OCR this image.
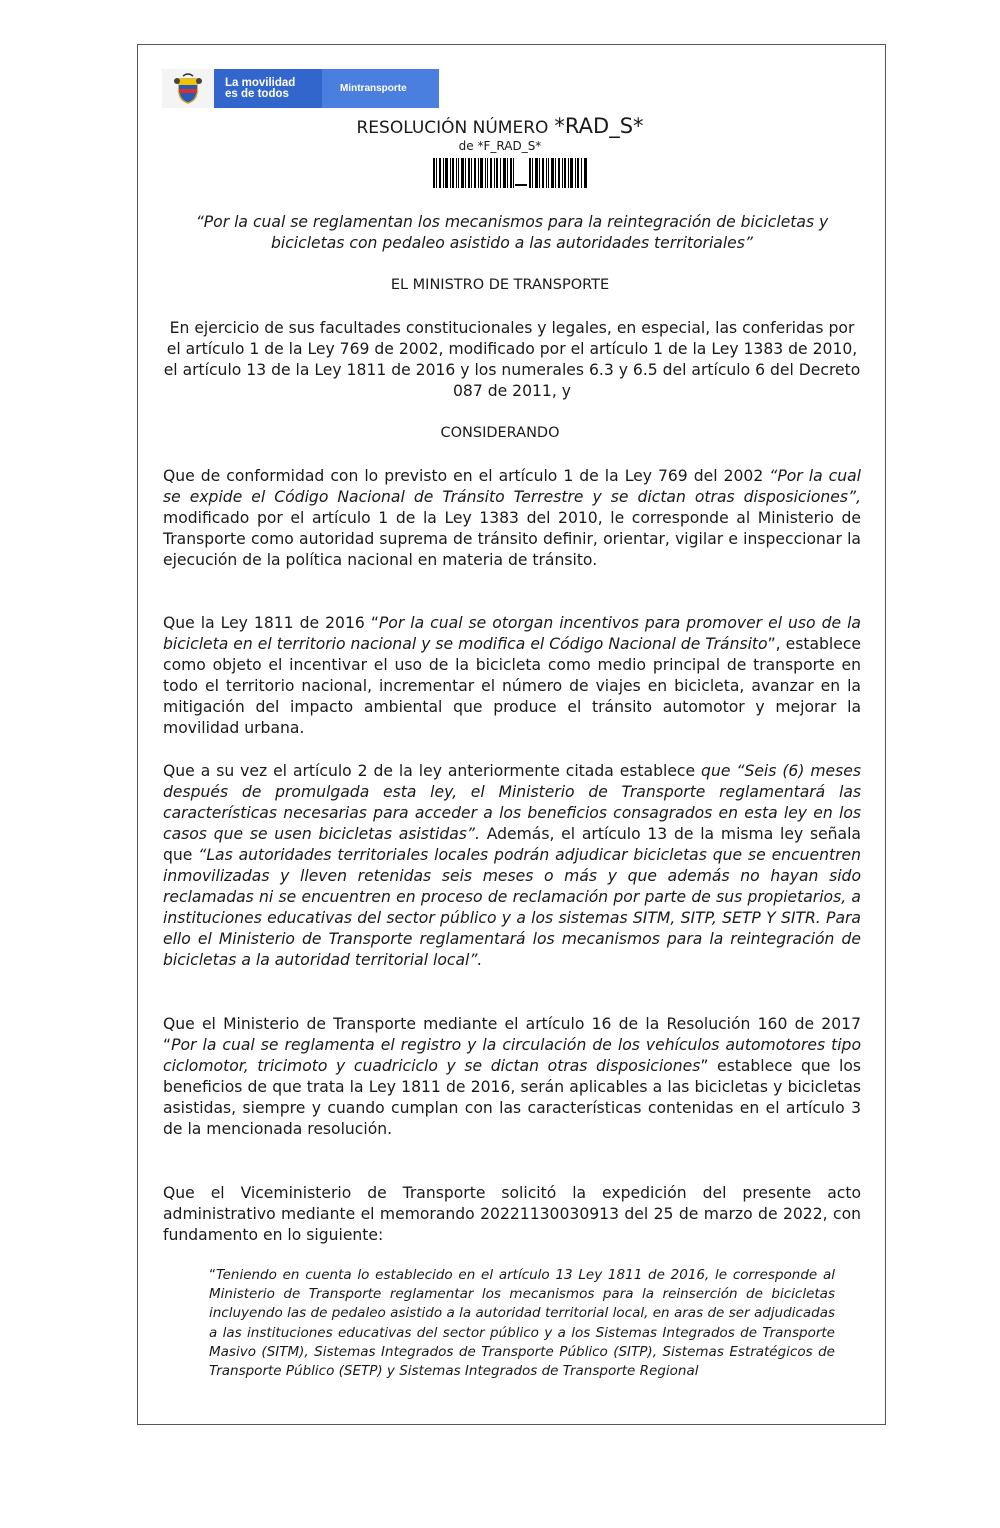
La movilidad
es de todos	Mintransporte
RESOLUCIÓN NÚMERO *RAD_S*
de *F_RAD_S*
“Por la cual se reglamentan los mecanismos para la reintegración de bicicletas y bicicletas con pedaleo asistido a las autoridades territoriales”
EL MINISTRO DE TRANSPORTE
En ejercicio de sus facultades constitucionales y legales, en especial, las conferidas por el artículo 1 de la Ley 769 de 2002, modificado por el artículo 1 de la Ley 1383 de 2010, el artículo 13 de la Ley 1811 de 2016 y los numerales 6.3 y 6.5 del artículo 6 del Decreto 087 de 2011, y
CONSIDERANDO
Que de conformidad con lo previsto en el artículo 1 de la Ley 769 del 2002 “Por la cual se expide el Código Nacional de Tránsito Terrestre y se dictan otras disposiciones”, modificado por el artículo 1 de la Ley 1383 del 2010, le corresponde al Ministerio de Transporte como autoridad suprema de tránsito definir, orientar, vigilar e inspeccionar la ejecución de la política nacional en materia de tránsito.
Que la Ley 1811 de 2016 “Por la cual se otorgan incentivos para promover el uso de la bicicleta en el territorio nacional y se modifica el Código Nacional de Tránsito”, establece como objeto el incentivar el uso de la bicicleta como medio principal de transporte en todo el territorio nacional, incrementar el número de viajes en bicicleta, avanzar en la mitigación del impacto ambiental que produce el tránsito automotor y mejorar la movilidad urbana.
Que a su vez el artículo 2 de la ley anteriormente citada establece que “Seis (6) meses después de promulgada esta ley, el Ministerio de Transporte reglamentará las características necesarias para acceder a los beneficios consagrados en esta ley en los casos que se usen bicicletas asistidas”. Además, el artículo 13 de la misma ley señala que “Las autoridades territoriales locales podrán adjudicar bicicletas que se encuentren inmovilizadas y lleven retenidas seis meses o más y que además no hayan sido reclamadas ni se encuentren en proceso de reclamación por parte de sus propietarios, a instituciones educativas del sector público y a los sistemas SITM, SITP, SETP Y SITR. Para ello el Ministerio de Transporte reglamentará los mecanismos para la reintegración de bicicletas a la autoridad territorial local”.
Que el Ministerio de Transporte mediante el artículo 16 de la Resolución 160 de 2017 “Por la cual se reglamenta el registro y la circulación de los vehículos automotores tipo ciclomotor, tricimoto y cuadriciclo y se dictan otras disposiciones” establece que los beneficios de que trata la Ley 1811 de 2016, serán aplicables a las bicicletas y bicicletas asistidas, siempre y cuando cumplan con las características contenidas en el artículo 3 de la mencionada resolución.
Que el Viceministerio de Transporte solicitó la expedición del presente acto administrativo mediante el memorando 20221130030913 del 25 de marzo de 2022, con fundamento en lo siguiente:
“Teniendo en cuenta lo establecido en el artículo 13 Ley 1811 de 2016, le corresponde al Ministerio de Transporte reglamentar los mecanismos para la reinserción de bicicletas incluyendo las de pedaleo asistido a la autoridad territorial local, en aras de ser adjudicadas a las instituciones educativas del sector público y a los Sistemas Integrados de Transporte Masivo (SITM), Sistemas Integrados de Transporte Público (SITP), Sistemas Estratégicos de Transporte Público (SETP) y Sistemas Integrados de Transporte Regional
